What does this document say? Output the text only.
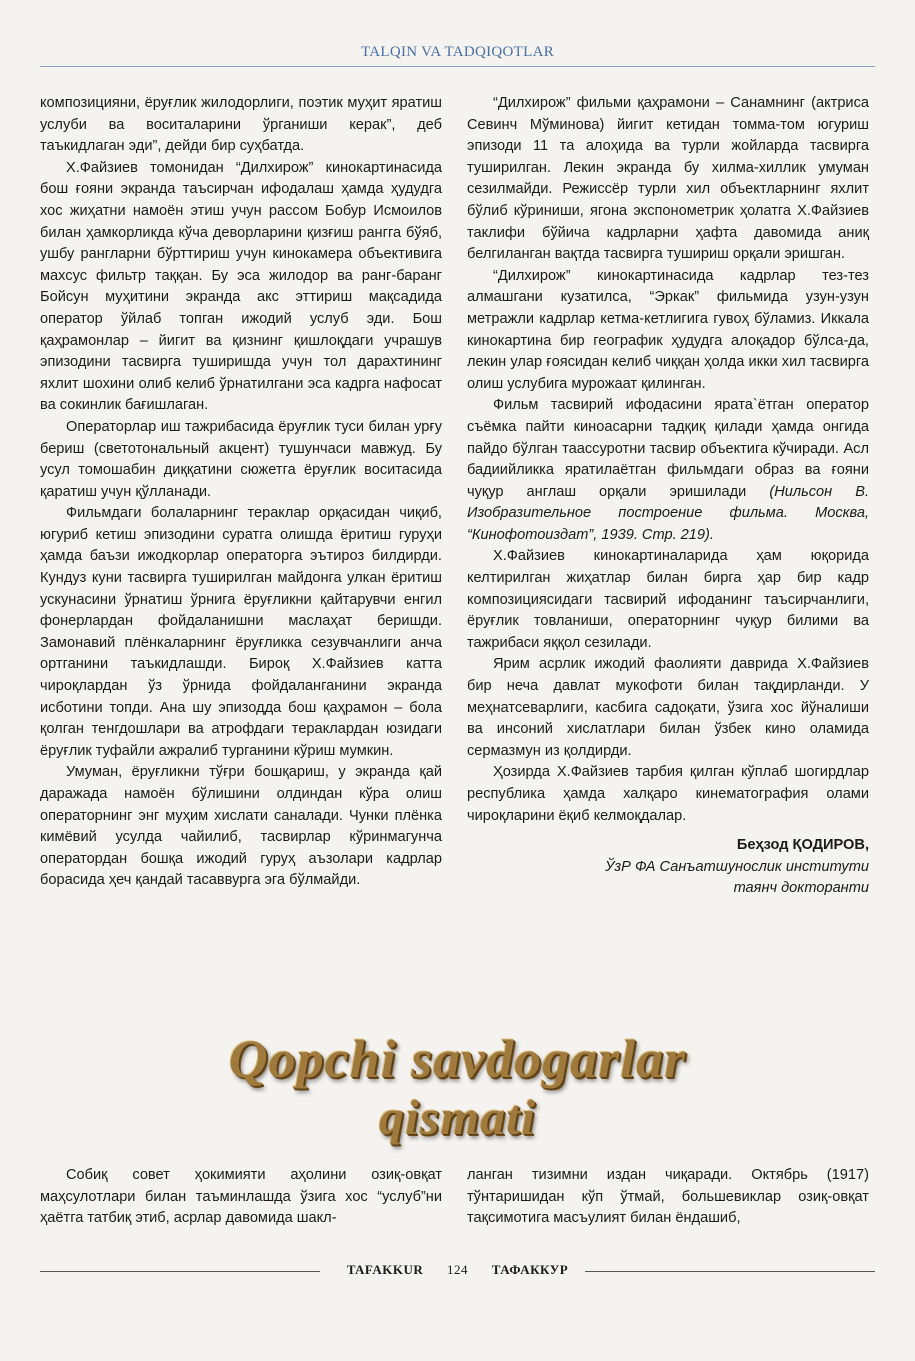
TALQIN VA TADQIQOTLAR

композицияни, ёруғлик жилодорлиги, поэтик муҳит яратиш услуби ва воситаларини ўрганиши керак”, деб таъкидлаган эди”, дейди бир суҳбатда.

Х.Файзиев томонидан “Дилхирож” кинокартинасида бош ғояни экранда таъсирчан ифодалаш ҳамда ҳудудга хос жиҳатни намоён этиш учун рассом Бобур Исмоилов билан ҳамкорликда кўча деворларини қизғиш рангга бўяб, ушбу рангларни бўрттириш учун кинокамера объективига махсус фильтр таққан. Бу эса жилодор ва ранг-баранг Бойсун муҳитини экранда акс эттириш мақсадида оператор ўйлаб топган ижодий услуб эди. Бош қаҳрамонлар – йигит ва қизнинг қишлоқдаги учрашув эпизодини тасвирга туширишда учун тол дарахтининг яхлит шохини олиб келиб ўрнатилгани эса кадрга нафосат ва сокинлик бағишлаган.

Операторлар иш тажрибасида ёруғлик туси билан урғу бериш (светотональный акцент) тушунчаси мавжуд. Бу усул томошабин диққатини сюжетга ёруғлик воситасида қаратиш учун қўлланади.

Фильмдаги болаларнинг тераклар орқасидан чиқиб, югуриб кетиш эпизодини суратга олишда ёритиш гуруҳи ҳамда баъзи ижодкорлар операторга эътироз билдирди. Кундуз куни тасвирга туширилган майдонга улкан ёритиш ускунасини ўрнатиш ўрнига ёруғликни қайтарувчи енгил фонерлардан фойдаланишни маслаҳат беришди. Замонавий плёнкаларнинг ёруғликка сезувчанлиги анча ортганини таъкидлашди. Бироқ Х.Файзиев катта чироқлардан ўз ўрнида фойдаланганини экранда исботини топди. Ана шу эпизодда бош қаҳрамон – бола қолган тенгдошлари ва атрофдаги тераклардан юзидаги ёруғлик туфайли ажралиб турганини кўриш мумкин.

Умуман, ёруғликни тўғри бошқариш, у экранда қай даражада намоён бўлишини олдиндан кўра олиш операторнинг энг муҳим хислати саналади. Чунки плёнка кимёвий усулда чайилиб, тасвирлар кўринмагунча оператордан бошқа ижодий гуруҳ аъзолари кадрлар борасида ҳеч қандай тасаввурга эга бўлмайди.

“Дилхирож” фильми қаҳрамони – Санамнинг (актриса Севинч Мўминова) йигит кетидан томма-том югуриш эпизоди 11 та алоҳида ва турли жойларда тасвирга туширилган. Лекин экранда бу хилма-хиллик умуман сезилмайди. Режиссёр турли хил объектларнинг яхлит бўлиб кўриниши, ягона экспонометрик ҳолатга Х.Файзиев таклифи бўйича кадрларни ҳафта давомида аниқ белгиланган вақтда тасвирга тушириш орқали эришган.

“Дилхирож” кинокартинасида кадрлар тез-тез алмашгани кузатилса, “Эркак” фильмида узун-узун метражли кадрлар кетма-кетлигига гувоҳ бўламиз. Иккала кинокартина бир географик ҳудудга алоқадор бўлса-да, лекин улар ғоясидан келиб чиққан ҳолда икки хил тасвирга олиш услубига мурожаат қилинган.

Фильм тасвирий ифодасини ярата`ётган оператор съёмка пайти киноасарни тадқиқ қилади ҳамда онгида пайдо бўлган таассуротни тасвир объектига кўчиради. Асл бадиийликка яратилаётган фильмдаги образ ва ғояни чуқур англаш орқали эришилади (Нильсон В. Изобразительное построение фильма. Москва, “Кинофотоиздат”, 1939. Стр. 219).

Х.Файзиев кинокартиналарида ҳам юқорида келтирилган жиҳатлар билан бирга ҳар бир кадр композициясидаги тасвирий ифоданинг таъсирчанлиги, ёруғлик товланиши, операторнинг чуқур билими ва тажрибаси яққол сезилади.

Ярим асрлик ижодий фаолияти даврида Х.Файзиев бир неча давлат мукофоти билан тақдирланди. У меҳнатсеварлиги, касбига садоқати, ўзига хос йўналиши ва инсоний хислатлари билан ўзбек кино оламида сермазмун из қолдирди.

Ҳозирда Х.Файзиев тарбия қилган кўплаб шогирдлар республика ҳамда халқаро кинематография олами чироқларини ёқиб келмоқдалар.

Беҳзод ҚОДИРОВ,

ЎзР ФА Санъатшунослик институти

таянч докторанти

Qopchi savdogarlar
qismati

Собиқ совет ҳокимияти аҳолини озиқ-овқат маҳсулотлари билан таъминлашда ўзига хос “услуб”ни ҳаётга татбиқ этиб, асрлар давомида шакл-

ланган тизимни издан чиқаради. Октябрь (1917) тўнтаришидан кўп ўтмай, большевиклар озиқ-овқат тақсимотига масъулият билан ёндашиб,

TAFAKKUR 124 ТАФАККУР
